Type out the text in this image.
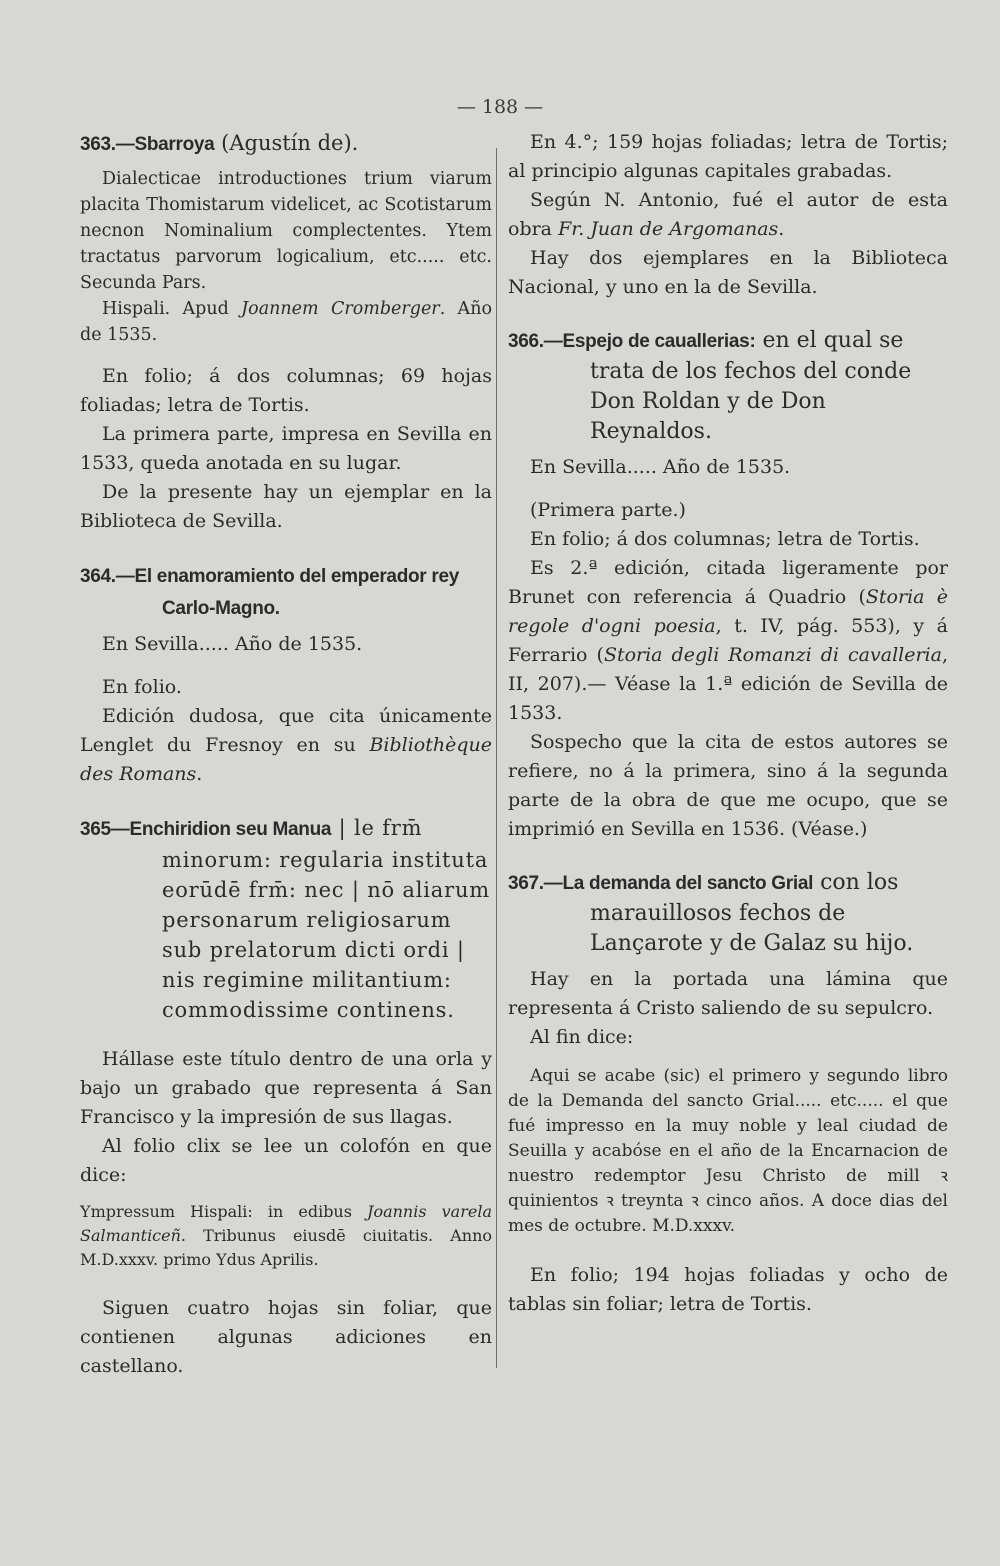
— 188 —
363.—Sbarroya (Agustín de).

Dialecticae introductiones trium viarum placita Thomistarum videlicet, ac Scotistarum necnon Nominalium complectentes. Ytem tractatus parvorum logicalium, etc..... etc. Secunda Pars.

Hispali. Apud Joannem Cromberger. Año de 1535.

En folio; á dos columnas; 69 hojas foliadas; letra de Tortis.

La primera parte, impresa en Sevilla en 1533, queda anotada en su lugar.

De la presente hay un ejemplar en la Biblioteca de Sevilla.

364.—El enamoramiento del emperador rey Carlo-Magno.

En Sevilla..... Año de 1535.

En folio.

Edición dudosa, que cita únicamente Lenglet du Fresnoy en su Bibliothèque des Romans.

365—Enchiridion seu Manua | le frm̄ minorum: regularia instituta eorūdē frm̄: nec | nō aliarum personarum religiosarum sub prelatorum dicti ordi | nis regimine militantium: commodissime continens.

Hállase este título dentro de una orla y bajo un grabado que representa á San Francisco y la impresión de sus llagas.

Al folio clix se lee un colofón en que dice:

Ympressum Hispali: in edibus Joannis varela Salmanticeñ. Tribunus eiusdē ciuitatis. Anno M.D.xxxv. primo Ydus Aprilis.

Siguen cuatro hojas sin foliar, que contienen algunas adiciones en castellano.

En 4.°; 159 hojas foliadas; letra de Tortis; al principio algunas capitales grabadas.

Según N. Antonio, fué el autor de esta obra Fr. Juan de Argomanas.

Hay dos ejemplares en la Biblioteca Nacional, y uno en la de Sevilla.

366.—Espejo de cauallerias: en el qual se trata de los fechos del conde Don Roldan y de Don Reynaldos.

En Sevilla..... Año de 1535.

(Primera parte.)

En folio; á dos columnas; letra de Tortis.

Es 2.ª edición, citada ligeramente por Brunet con referencia á Quadrio (Storia è regole d'ogni poesia, t. IV, pág. 553), y á Ferrario (Storia degli Romanzi di cavalleria, II, 207).— Véase la 1.ª edición de Sevilla de 1533.

Sospecho que la cita de estos autores se refiere, no á la primera, sino á la segunda parte de la obra de que me ocupo, que se imprimió en Sevilla en 1536. (Véase.)

367.—La demanda del sancto Grial con los marauillosos fechos de Lançarote y de Galaz su hijo.

Hay en la portada una lámina que representa á Cristo saliendo de su sepulcro.

Al fin dice:

Aqui se acabe (sic) el primero y segundo libro de la Demanda del sancto Grial..... etc..... el que fué impresso en la muy noble y leal ciudad de Seuilla y acabóse en el año de la Encarnacion de nuestro redemptor Jesu Christo de mill ꝛ quinientos ꝛ treynta ꝛ cinco años. A doce dias del mes de octubre. M.D.xxxv.

En folio; 194 hojas foliadas y ocho de tablas sin foliar; letra de Tortis.
